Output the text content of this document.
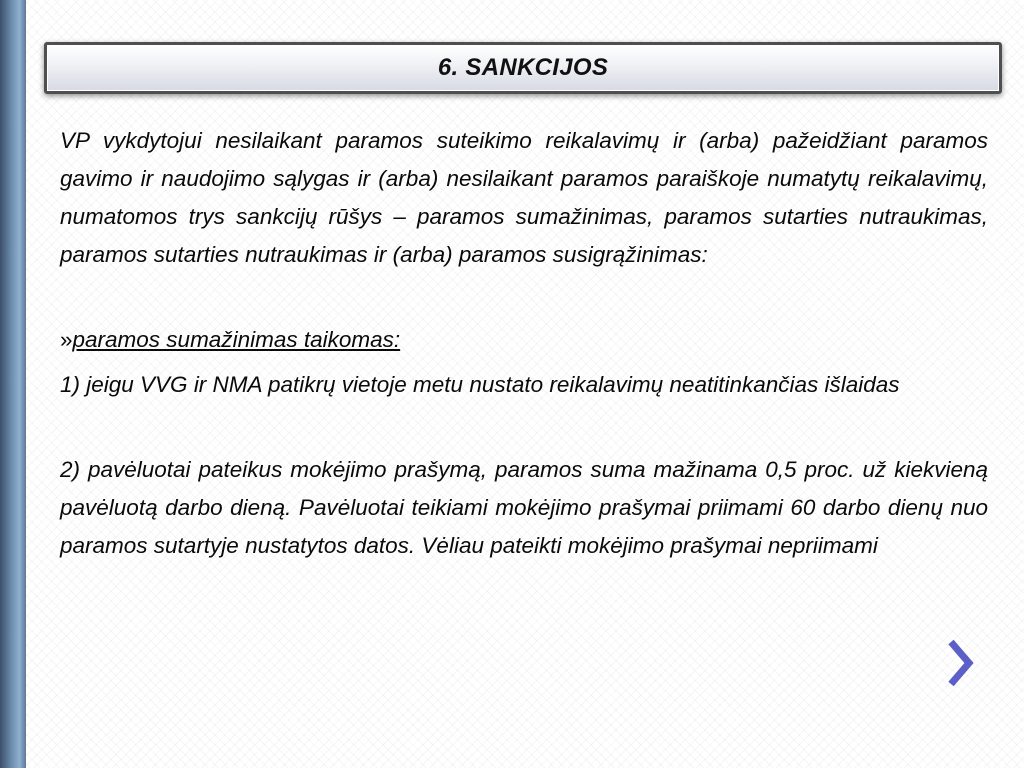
6. SANKCIJOS

VP vykdytojui nesilaikant paramos suteikimo reikalavimų ir (arba) pažeidžiant paramos gavimo ir naudojimo sąlygas ir (arba) nesilaikant paramos paraiškoje numatytų reikalavimų, numatomos trys sankcijų rūšys – paramos sumažinimas, paramos sutarties nutraukimas, paramos sutarties nutraukimas ir (arba) paramos susigrąžinimas:

»paramos sumažinimas taikomas:

1) jeigu VVG ir NMA patikrų vietoje metu nustato reikalavimų neatitinkančias išlaidas

2) pavėluotai pateikus mokėjimo prašymą, paramos suma mažinama 0,5 proc. už kiekvieną pavėluotą darbo dieną. Pavėluotai teikiami mokėjimo prašymai priimami 60 darbo dienų nuo paramos sutartyje nustatytos datos. Vėliau pateikti mokėjimo prašymai nepriimami
